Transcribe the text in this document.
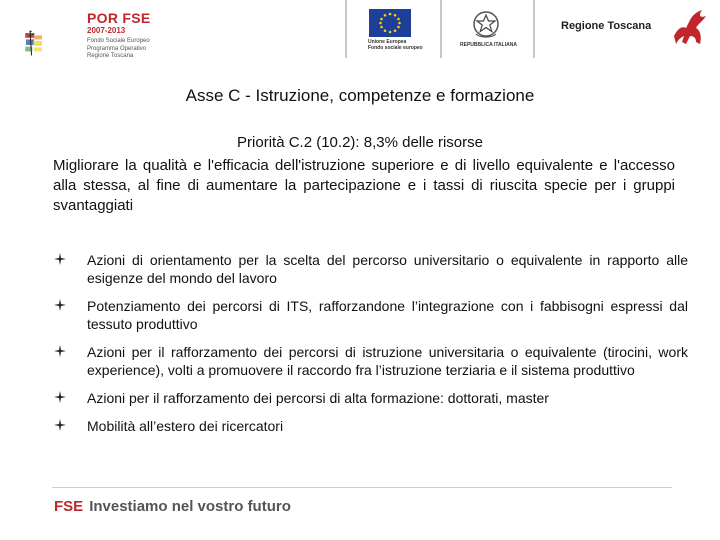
POR FSE
2007-2013
Fondo Sociale Europeo
Programma Operativo
Regione Toscana
Unione Europea
Fondo sociale europeo	REPUBBLICA ITALIANA
Regione Toscana
Asse C - Istruzione, competenze e formazione
Priorità C.2 (10.2): 8,3% delle risorse
Migliorare la qualità e l'efficacia dell'istruzione superiore e di livello equivalente e l'accesso alla stessa, al fine di aumentare la partecipazione e i tassi di riuscita specie per i gruppi svantaggiati
Azioni di orientamento per la scelta del percorso universitario o equivalente in rapporto alle esigenze del mondo del lavoro
Potenziamento dei percorsi di ITS, rafforzandone l’integrazione con i fabbisogni espressi dal tessuto produttivo
Azioni per il rafforzamento dei percorsi di istruzione universitaria o equivalente (tirocini, work experience), volti a promuovere il raccordo fra l’istruzione terziaria e il sistema produttivo
Azioni per il rafforzamento dei percorsi di alta formazione: dottorati, master
Mobilità all’estero dei ricercatori
FSE Investiamo nel vostro futuro
